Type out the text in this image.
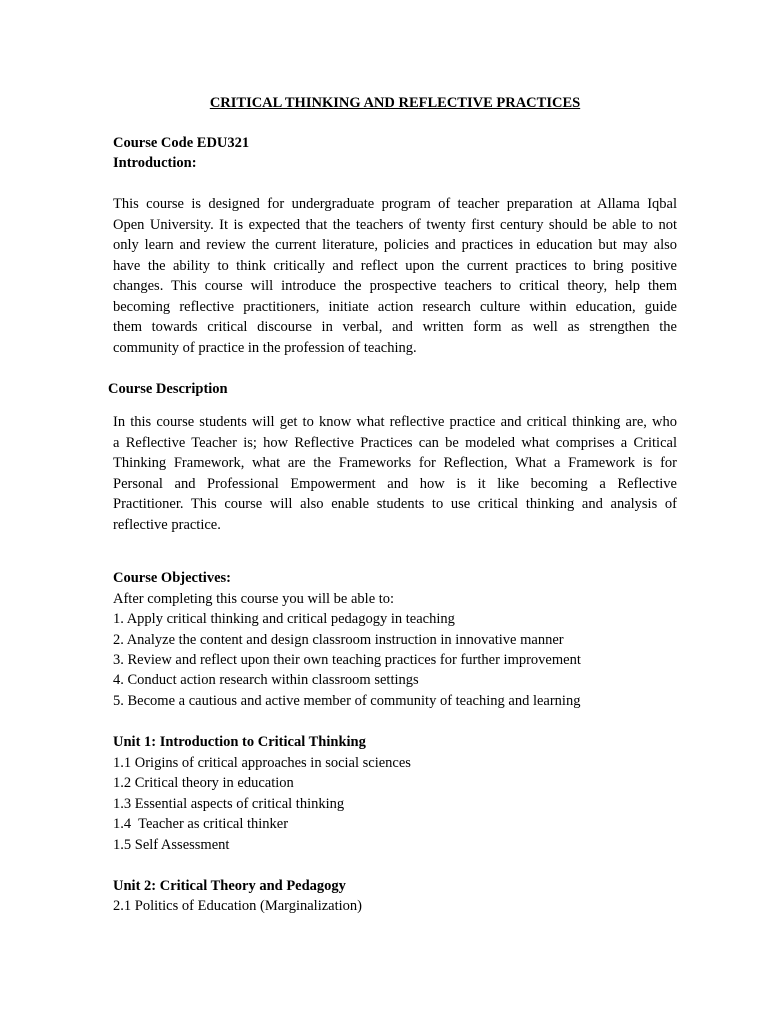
CRITICAL THINKING AND REFLECTIVE PRACTICES
Course Code EDU321
Introduction:
This course is designed for undergraduate program of teacher preparation at Allama Iqbal
Open University. It is expected that the teachers of twenty first century should be able to not
only learn and review the current literature, policies and practices in education but may also
have the ability to think critically and reflect upon the current practices to bring positive
changes. This course will introduce the prospective teachers to critical theory, help them
becoming reflective practitioners, initiate action research culture within education, guide
them towards critical discourse in verbal, and written form as well as strengthen the
community of practice in the profession of teaching.
Course Description
In this course students will get to know what reflective practice and critical thinking are, who
a Reflective Teacher is; how Reflective Practices can be modeled what comprises a Critical
Thinking Framework, what are the Frameworks for Reflection, What a Framework is for
Personal and Professional Empowerment and how is it like becoming a Reflective
Practitioner. This course will also enable students to use critical thinking and analysis of
reflective practice.
Course Objectives:
After completing this course you will be able to:
1. Apply critical thinking and critical pedagogy in teaching
2. Analyze the content and design classroom instruction in innovative manner
3. Review and reflect upon their own teaching practices for further improvement
4. Conduct action research within classroom settings
5. Become a cautious and active member of community of teaching and learning
Unit 1: Introduction to Critical Thinking
1.1 Origins of critical approaches in social sciences
1.2 Critical theory in education
1.3 Essential aspects of critical thinking
1.4  Teacher as critical thinker
1.5 Self Assessment
Unit 2: Critical Theory and Pedagogy
2.1 Politics of Education (Marginalization)
